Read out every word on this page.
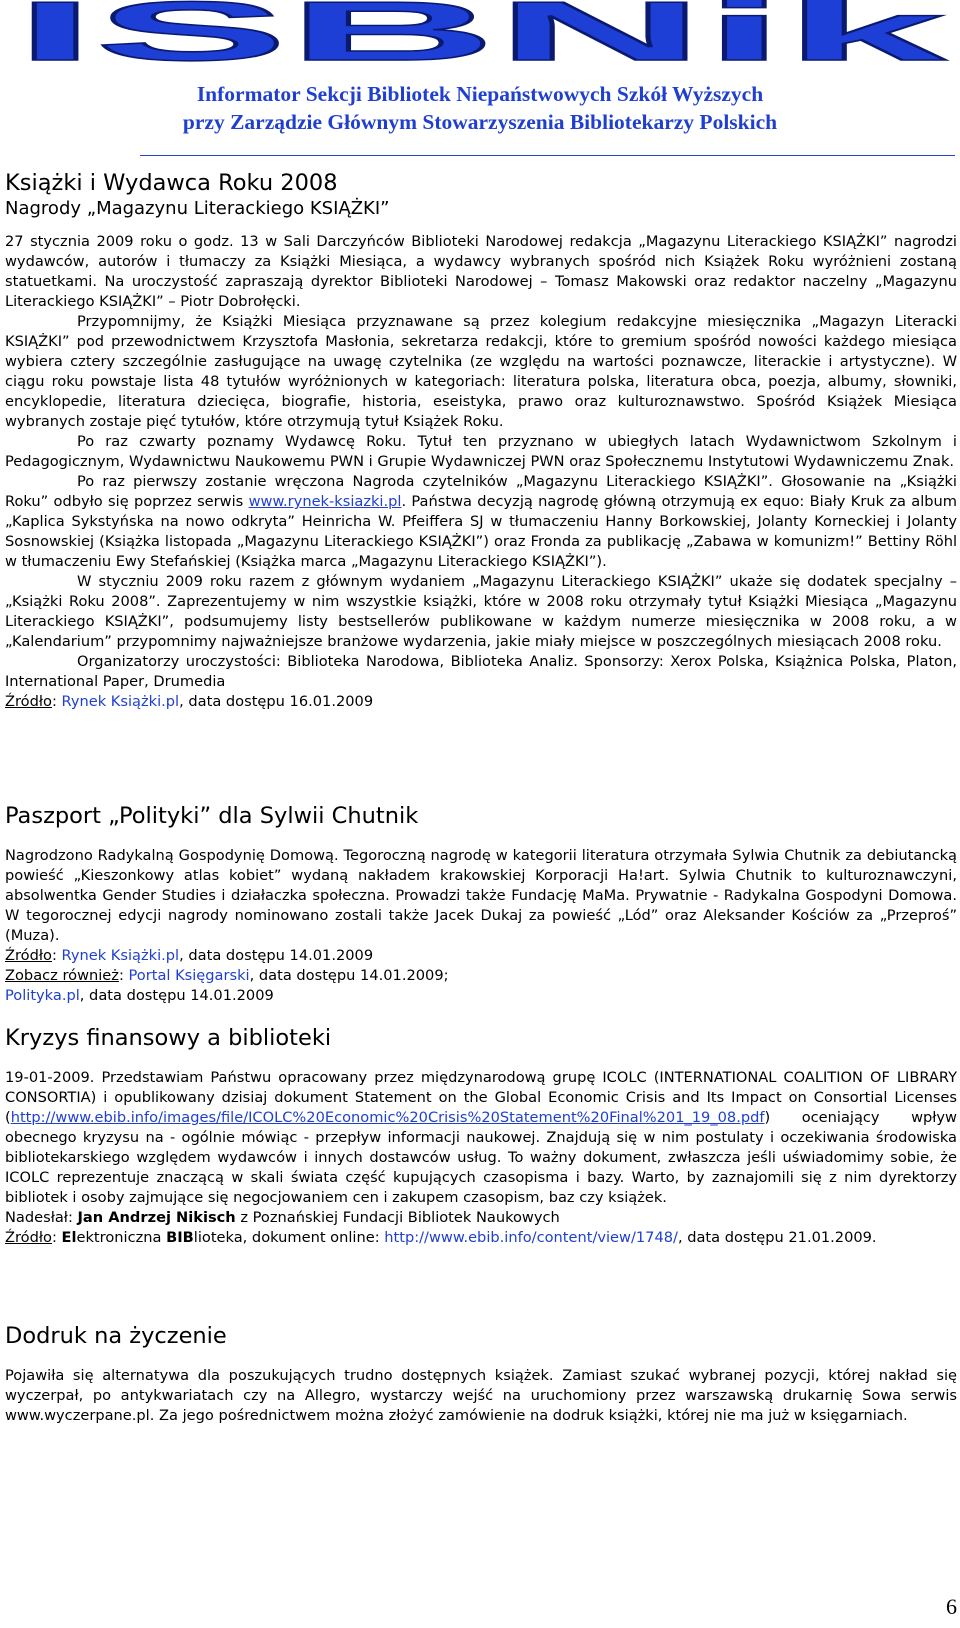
ISBNik
Informator Sekcji Bibliotek Niepaństwowych Szkół Wyższych
przy Zarządzie Głównym Stowarzyszenia Bibliotekarzy Polskich

Książki i Wydawca Roku 2008

Nagrody „Magazynu Literackiego KSIĄŻKI”

27 stycznia 2009 roku o godz. 13 w Sali Darczyńców Biblioteki Narodowej redakcja „Magazynu Literackiego KSIĄŻKI” nagrodzi wydawców, autorów i tłumaczy za Książki Miesiąca, a wydawcy wybranych spośród nich Książek Roku wyróżnieni zostaną statuetkami. Na uroczystość zapraszają dyrektor Biblioteki Narodowej – Tomasz Makowski oraz redaktor naczelny „Magazynu Literackiego KSIĄŻKI” – Piotr Dobrołęcki.

Przypomnijmy, że Książki Miesiąca przyznawane są przez kolegium redakcyjne miesięcznika „Magazyn Literacki KSIĄŻKI” pod przewodnictwem Krzysztofa Masłonia, sekretarza redakcji, które to gremium spośród nowości każdego miesiąca wybiera cztery szczególnie zasługujące na uwagę czytelnika (ze względu na wartości poznawcze, literackie i artystyczne). W ciągu roku powstaje lista 48 tytułów wyróżnionych w kategoriach: literatura polska, literatura obca, poezja, albumy, słowniki, encyklopedie, literatura dziecięca, biografie, historia, eseistyka, prawo oraz kulturoznawstwo. Spośród Książek Miesiąca wybranych zostaje pięć tytułów, które otrzymują tytuł Książek Roku.

Po raz czwarty poznamy Wydawcę Roku. Tytuł ten przyznano w ubiegłych latach Wydawnictwom Szkolnym i Pedagogicznym, Wydawnictwu Naukowemu PWN i Grupie Wydawniczej PWN oraz Społecznemu Instytutowi Wydawniczemu Znak.

Po raz pierwszy zostanie wręczona Nagroda czytelników „Magazynu Literackiego KSIĄŻKI”. Głosowanie na „Książki Roku” odbyło się poprzez serwis www.rynek-ksiazki.pl. Państwa decyzją nagrodę główną otrzymują ex equo: Biały Kruk za album „Kaplica Sykstyńska na nowo odkryta” Heinricha W. Pfeiffera SJ w tłumaczeniu Hanny Borkowskiej, Jolanty Korneckiej i Jolanty Sosnowskiej (Książka listopada „Magazynu Literackiego KSIĄŻKI”) oraz Fronda za publikację „Zabawa w komunizm!” Bettiny Röhl w tłumaczeniu Ewy Stefańskiej (Książka marca „Magazynu Literackiego KSIĄŻKI”).

W styczniu 2009 roku razem z głównym wydaniem „Magazynu Literackiego KSIĄŻKI” ukaże się dodatek specjalny – „Książki Roku 2008”. Zaprezentujemy w nim wszystkie książki, które w 2008 roku otrzymały tytuł Książki Miesiąca „Magazynu Literackiego KSIĄŻKI”, podsumujemy listy bestsellerów publikowane w każdym numerze miesięcznika w 2008 roku, a w „Kalendarium” przypomnimy najważniejsze branżowe wydarzenia, jakie miały miejsce w poszczególnych miesiącach 2008 roku.

Organizatorzy uroczystości: Biblioteka Narodowa, Biblioteka Analiz. Sponsorzy: Xerox Polska, Książnica Polska, Platon, International Paper, Drumedia

Źródło: Rynek Książki.pl, data dostępu 16.01.2009

Paszport „Polityki” dla Sylwii Chutnik

Nagrodzono Radykalną Gospodynię Domową. Tegoroczną nagrodę w kategorii literatura otrzymała Sylwia Chutnik za debiutancką powieść „Kieszonkowy atlas kobiet” wydaną nakładem krakowskiej Korporacji Ha!art. Sylwia Chutnik to kulturoznawczyni, absolwentka Gender Studies i działaczka społeczna. Prowadzi także Fundację MaMa. Prywatnie - Radykalna Gospodyni Domowa. W tegorocznej edycji nagrody nominowano zostali także Jacek Dukaj za powieść „Lód” oraz Aleksander Kościów za „Przeproś” (Muza).

Źródło: Rynek Książki.pl, data dostępu 14.01.2009

Zobacz również: Portal Księgarski, data dostępu 14.01.2009;

Polityka.pl, data dostępu 14.01.2009

Kryzys finansowy a biblioteki

19-01-2009. Przedstawiam Państwu opracowany przez międzynarodową grupę ICOLC (INTERNATIONAL COALITION OF LIBRARY CONSORTIA) i opublikowany dzisiaj dokument Statement on the Global Economic Crisis and Its Impact on Consortial Licenses (http://www.ebib.info/images/file/ICOLC%20Economic%20Crisis%20Statement%20Final%201_19_08.pdf) oceniający wpływ obecnego kryzysu na - ogólnie mówiąc - przepływ informacji naukowej. Znajdują się w nim postulaty i oczekiwania środowiska bibliotekarskiego względem wydawców i innych dostawców usług. To ważny dokument, zwłaszcza jeśli uświadomimy sobie, że ICOLC reprezentuje znaczącą w skali świata część kupujących czasopisma i bazy. Warto, by zaznajomili się z nim dyrektorzy bibliotek i osoby zajmujące się negocjowaniem cen i zakupem czasopism, baz czy książek.

Nadesłał: Jan Andrzej Nikisch z Poznańskiej Fundacji Bibliotek Naukowych

Źródło: Elektroniczna BIBlioteka, dokument online: http://www.ebib.info/content/view/1748/, data dostępu 21.01.2009.

Dodruk na życzenie

Pojawiła się alternatywa dla poszukujących trudno dostępnych książek. Zamiast szukać wybranej pozycji, której nakład się wyczerpał, po antykwariatach czy na Allegro, wystarczy wejść na uruchomiony przez warszawską drukarnię Sowa serwis www.wyczerpane.pl. Za jego pośrednictwem można złożyć zamówienie na dodruk książki, której nie ma już w księgarniach.

6
